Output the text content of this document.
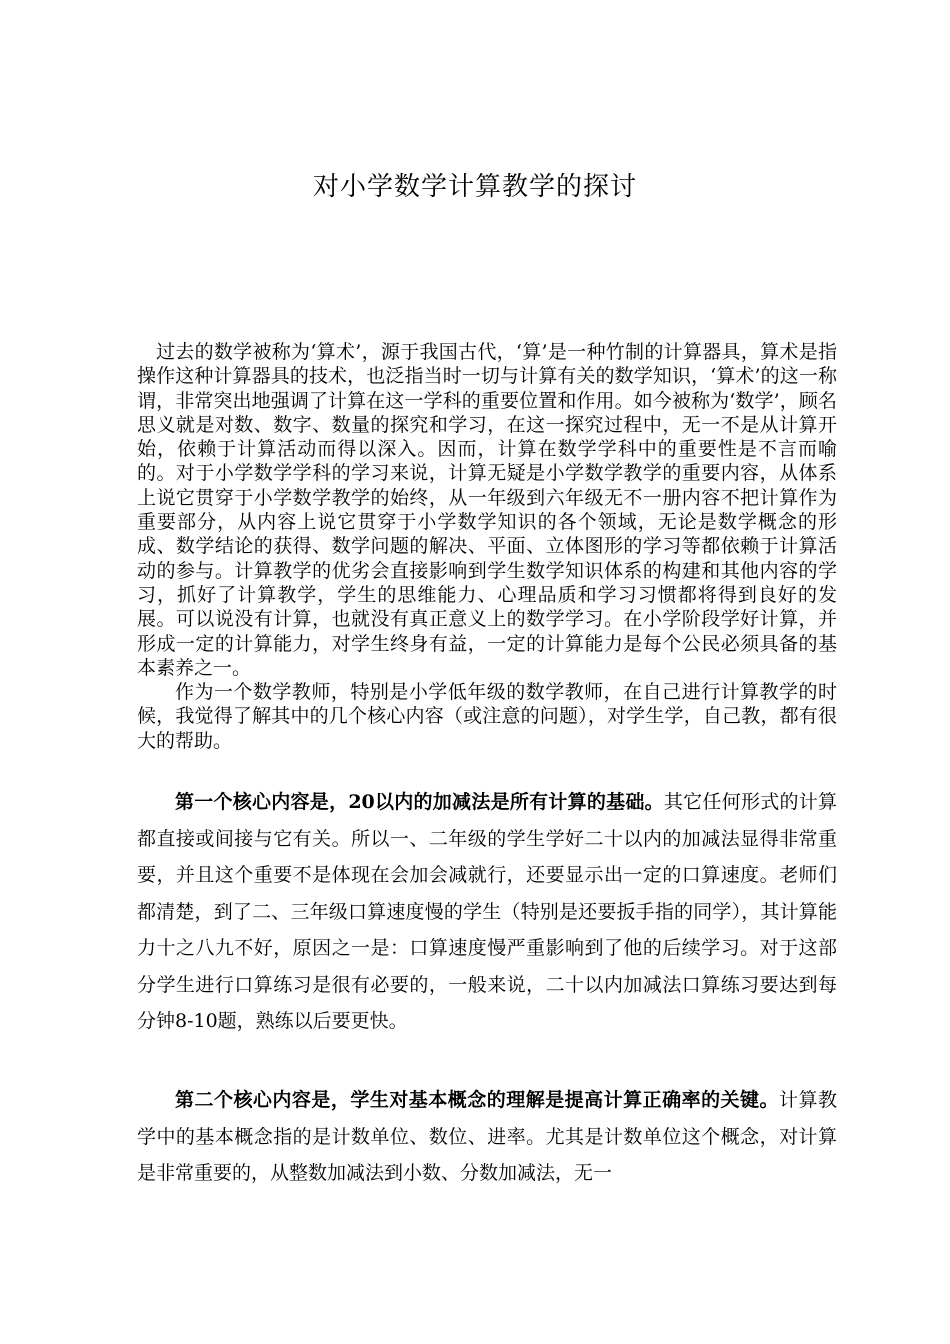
对小学数学计算教学的探讨

过去的数学被称为‘算术’，源于我国古代，‘算’是一种竹制的计算器具，算术是指操作这种计算器具的技术，也泛指当时一切与计算有关的数学知识，‘算术’的这一称谓，非常突出地强调了计算在这一学科的重要位置和作用。如今被称为‘数学’，顾名思义就是对数、数字、数量的探究和学习，在这一探究过程中，无一不是从计算开始，依赖于计算活动而得以深入。因而，计算在数学学科中的重要性是不言而喻的。对于小学数学学科的学习来说，计算无疑是小学数学教学的重要内容，从体系上说它贯穿于小学数学教学的始终，从一年级到六年级无不一册内容不把计算作为重要部分，从内容上说它贯穿于小学数学知识的各个领域，无论是数学概念的形成、数学结论的获得、数学问题的解决、平面、立体图形的学习等都依赖于计算活动的参与。计算教学的优劣会直接影响到学生数学知识体系的构建和其他内容的学习，抓好了计算教学，学生的思维能力、心理品质和学习习惯都将得到良好的发展。可以说没有计算，也就没有真正意义上的数学学习。在小学阶段学好计算，并形成一定的计算能力，对学生终身有益，一定的计算能力是每个公民必须具备的基本素养之一。

作为一个数学教师，特别是小学低年级的数学教师，在自己进行计算教学的时候，我觉得了解其中的几个核心内容（或注意的问题），对学生学，自己教，都有很大的帮助。

第一个核心内容是，20以内的加减法是所有计算的基础。其它任何形式的计算都直接或间接与它有关。所以一、二年级的学生学好二十以内的加减法显得非常重要，并且这个重要不是体现在会加会减就行，还要显示出一定的口算速度。老师们都清楚，到了二、三年级口算速度慢的学生（特别是还要扳手指的同学），其计算能力十之八九不好，原因之一是：口算速度慢严重影响到了他的后续学习。对于这部分学生进行口算练习是很有必要的，一般来说，二十以内加减法口算练习要达到每分钟8-10题，熟练以后要更快。

第二个核心内容是，学生对基本概念的理解是提高计算正确率的关键。计算教学中的基本概念指的是计数单位、数位、进率。尤其是计数单位这个概念，对计算是非常重要的，从整数加减法到小数、分数加减法，无一
